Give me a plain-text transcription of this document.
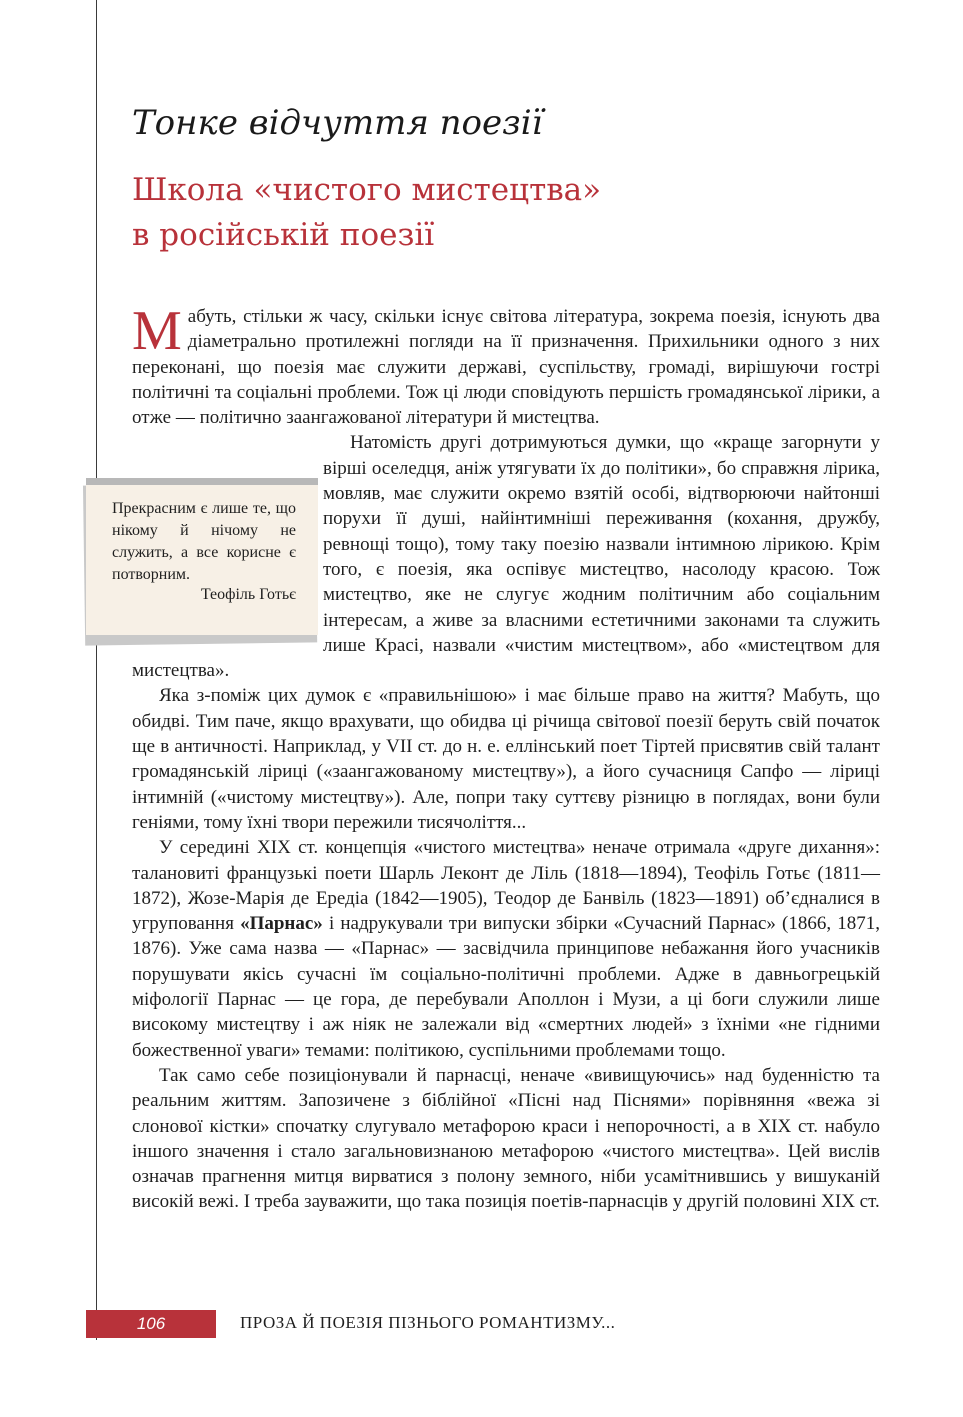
Тонке відчуття поезії
Школа «чистого мистецтва»
в російській поезії
Прекрасним є лише те, що нікому й нічому не служить, а все корисне є потворним.
Теофіль Готьє

Мабуть, стільки ж часу, скільки існує світова література, зокрема поезія, існують два діаметрально протилежні погляди на її призначення. Прихильники одного з них переконані, що поезія має служити державі, суспільству, громаді, вирішуючи гострі політичні та соціальні проблеми. Тож ці люди сповідують першість громадянської лірики, а отже — політично заангажованої літератури й мистецтва.

Натомість другі дотримуються думки, що «краще загорнути у вірші оселедця, аніж утягувати їх до політики», бо справжня лірика, мовляв, має служити окремо взятій особі, відтворюючи найтонші порухи її душі, найінтимніші переживання (кохання, дружбу, ревнощі тощо), тому таку поезію назвали інтимною лірикою. Крім того, є поезія, яка оспівує мистецтво, насолоду красою. Тож мистецтво, яке не слугує жодним політичним або соціальним інтересам, а живе за власними естетичними законами та служить лише Красі, назвали «чистим мистецтвом», або «мистецтвом для мистецтва».

Яка з-поміж цих думок є «правильнішою» і має більше право на життя? Мабуть, що обидві. Тим паче, якщо врахувати, що обидва ці річища світової поезії беруть свій початок ще в античності. Наприклад, у VII ст. до н. е. еллінський поет Тіртей присвятив свій талант громадянській ліриці («заангажованому мистецтву»), а його сучасниця Сапфо — ліриці інтимній («чистому мистецтву»). Але, попри таку суттєву різницю в поглядах, вони були геніями, тому їхні твори пережили тисячоліття...

У середині XIX ст. концепція «чистого мистецтва» неначе отримала «друге дихання»: талановиті французькі поети Шарль Леконт де Ліль (1818—1894), Теофіль Готьє (1811—1872), Жозе-Марія де Ередіа (1842—1905), Теодор де Банвіль (1823—1891) об’єдналися в угруповання «Парнас» і надрукували три випуски збірки «Сучасний Парнас» (1866, 1871, 1876). Уже сама назва — «Парнас» — засвідчила принципове небажання його учасників порушувати якісь сучасні їм соціально-політичні проблеми. Адже в давньогрецькій міфології Парнас — це гора, де перебували Аполлон і Музи, а ці боги служили лише високому мистецтву і аж ніяк не залежали від «смертних людей» з їхніми «не гідними божественної уваги» темами: політикою, суспільними проблемами тощо.

Так само себе позиціонували й парнасці, неначе «вивищуючись» над буденністю та реальним життям. Запозичене з біблійної «Пісні над Піснями» порівняння «вежа зі слонової кістки» спочатку слугувало метафорою краси і непорочності, а в XIX ст. набуло іншого значення і стало загальновизнаною метафорою «чистого мистецтва». Цей вислів означав прагнення митця вирватися з полону земного, ніби усамітнившись у вишуканій високій вежі. І треба зауважити, що така позиція поетів-парнасців у другій половині XIX ст.

106	ПРОЗА Й ПОЕЗІЯ ПІЗНЬОГО РОМАНТИЗМУ...
